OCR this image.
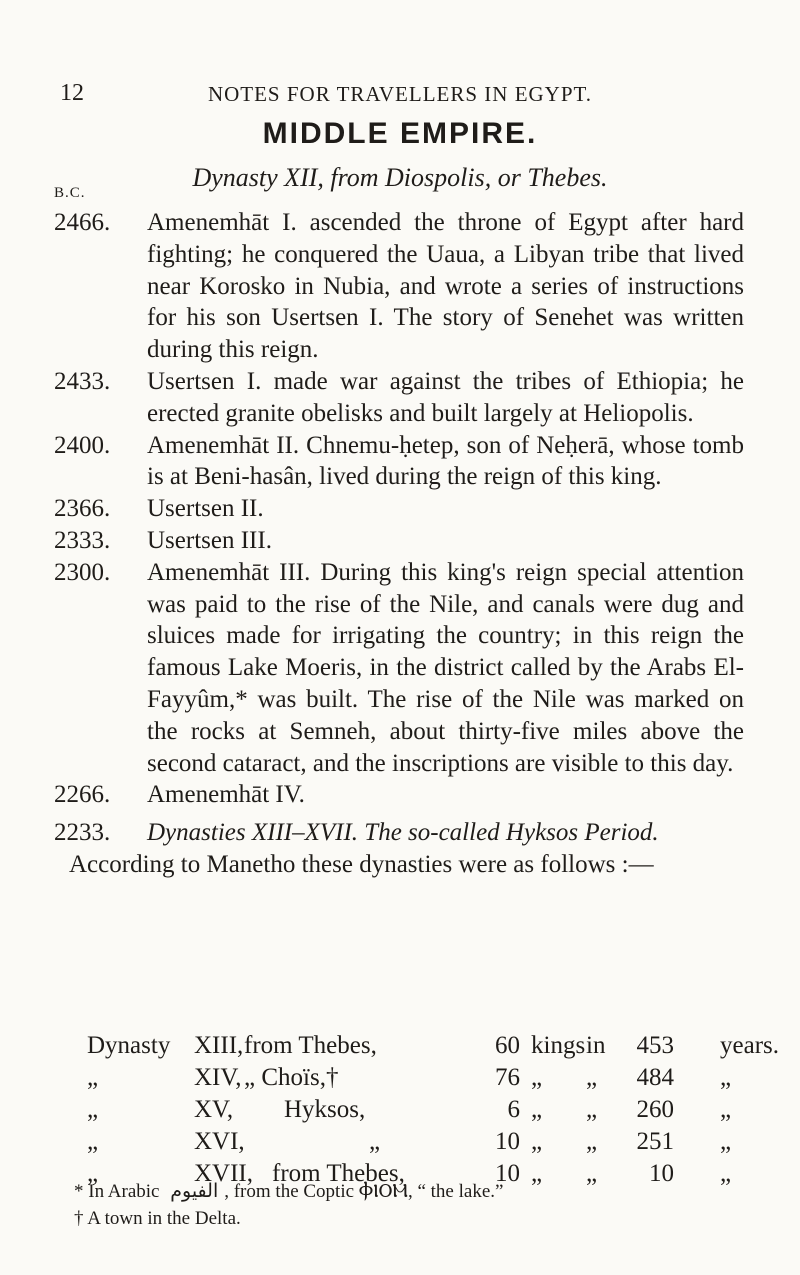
12	NOTES FOR TRAVELLERS IN EGYPT.
MIDDLE EMPIRE.
Dynasty XII, from Diospolis, or Thebes.
B.C.
2466. Amenemhāt I. ascended the throne of Egypt after hard fighting; he conquered the Uaua, a Libyan tribe that lived near Korosko in Nubia, and wrote a series of instructions for his son Usertsen I. The story of Senehet was written during this reign.
2433. Usertsen I. made war against the tribes of Ethiopia; he erected granite obelisks and built largely at Heliopolis.
2400. Amenemhāt II. Chnemu-ḥetep, son of Neḥerā, whose tomb is at Beni-hasân, lived during the reign of this king.
2366. Usertsen II.
2333. Usertsen III.
2300. Amenemhāt III. During this king's reign special attention was paid to the rise of the Nile, and canals were dug and sluices made for irrigating the country; in this reign the famous Lake Moeris, in the district called by the Arabs El-Fayyûm,* was built. The rise of the Nile was marked on the rocks at Semneh, about thirty-five miles above the second cataract, and the inscriptions are visible to this day.
2266. Amenemhāt IV.
2233. Dynasties XIII–XVII. The so-called Hyksos Period.
According to Manetho these dynasties were as follows :—
Dynasty XIII, from Thebes,	60 kings in	453 years.
„	XIV, „ Choïs,†	76 „ „	484 „
„	XV, Hyksos,	6 „ „	260 „
„	XVI,	„	10 „ „	251 „
„	XVII, from Thebes,	10 „ „	10 „
* In Arabic الفيوم , from the Coptic ⲪⲒⲞⲘ, “ the lake.”
† A town in the Delta.
